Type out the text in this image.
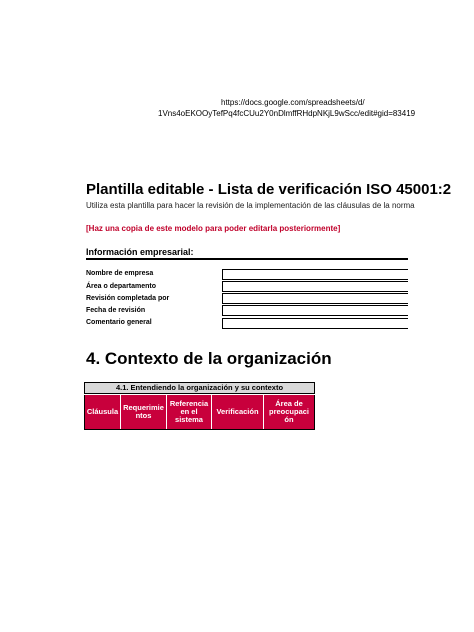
https://docs.google.com/spreadsheets/d/
1Vns4oEKOOyTefPq4fcCUu2Y0nDlmffRHdpNKjL9wScc/edit#gid=83419
Plantilla editable - Lista de verificación ISO 45001:2
Utiliza esta plantilla para hacer la revisión de la implementación de las cláusulas de la norma
[Haz una copia de este modelo para poder editarla posteriormente]
Información empresarial:
Nombre de empresa
Área o departamento
Revisión completada por
Fecha de revisión
Comentario general
4. Contexto de la organización
4.1. Entendiendo la organización y su contexto
Cláusula Requerimie ntos
Referencia en el sistema
Verificación
Área de preocupaci ón
